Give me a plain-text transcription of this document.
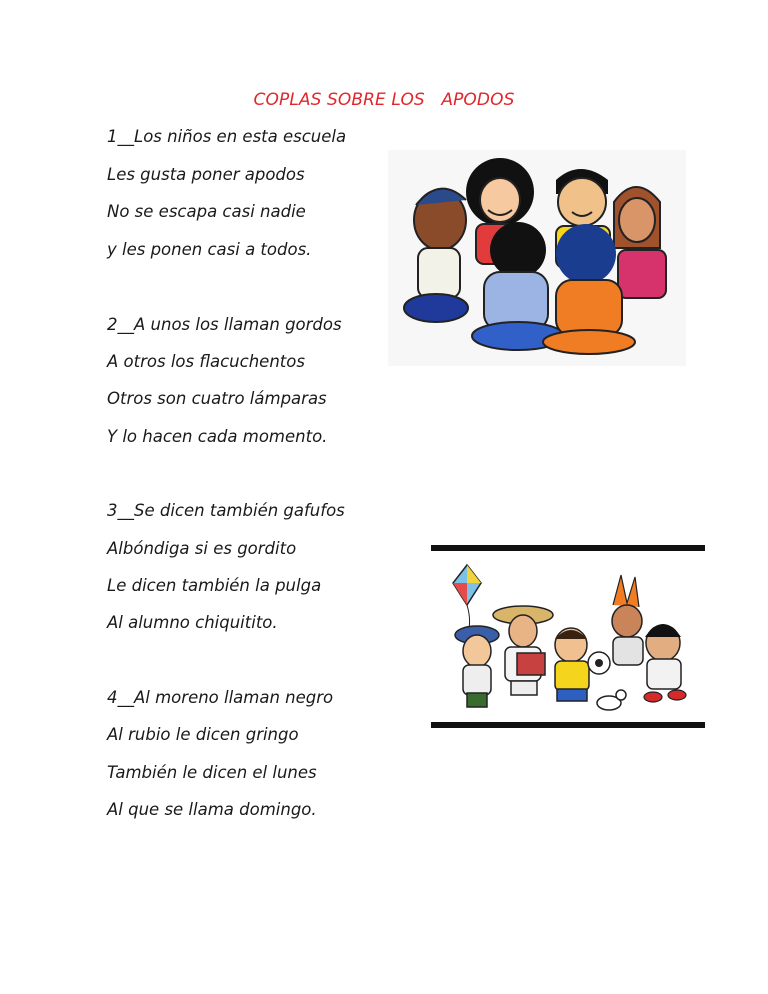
COPLAS SOBRE LOS   APODOS
1__Los niños en esta escuela
Les gusta poner apodos
No se escapa casi nadie
y les ponen casi a todos.
2__A unos los llaman gordos
A otros los flacuchentos
Otros son cuatro lámparas
Y lo hacen cada momento.
3__Se dicen también gafufos
Albóndiga si es gordito
Le dicen también la pulga
Al alumno chiquitito.
4__Al moreno llaman negro
Al rubio le dicen gringo
También le dicen el lunes
Al que se llama domingo.
